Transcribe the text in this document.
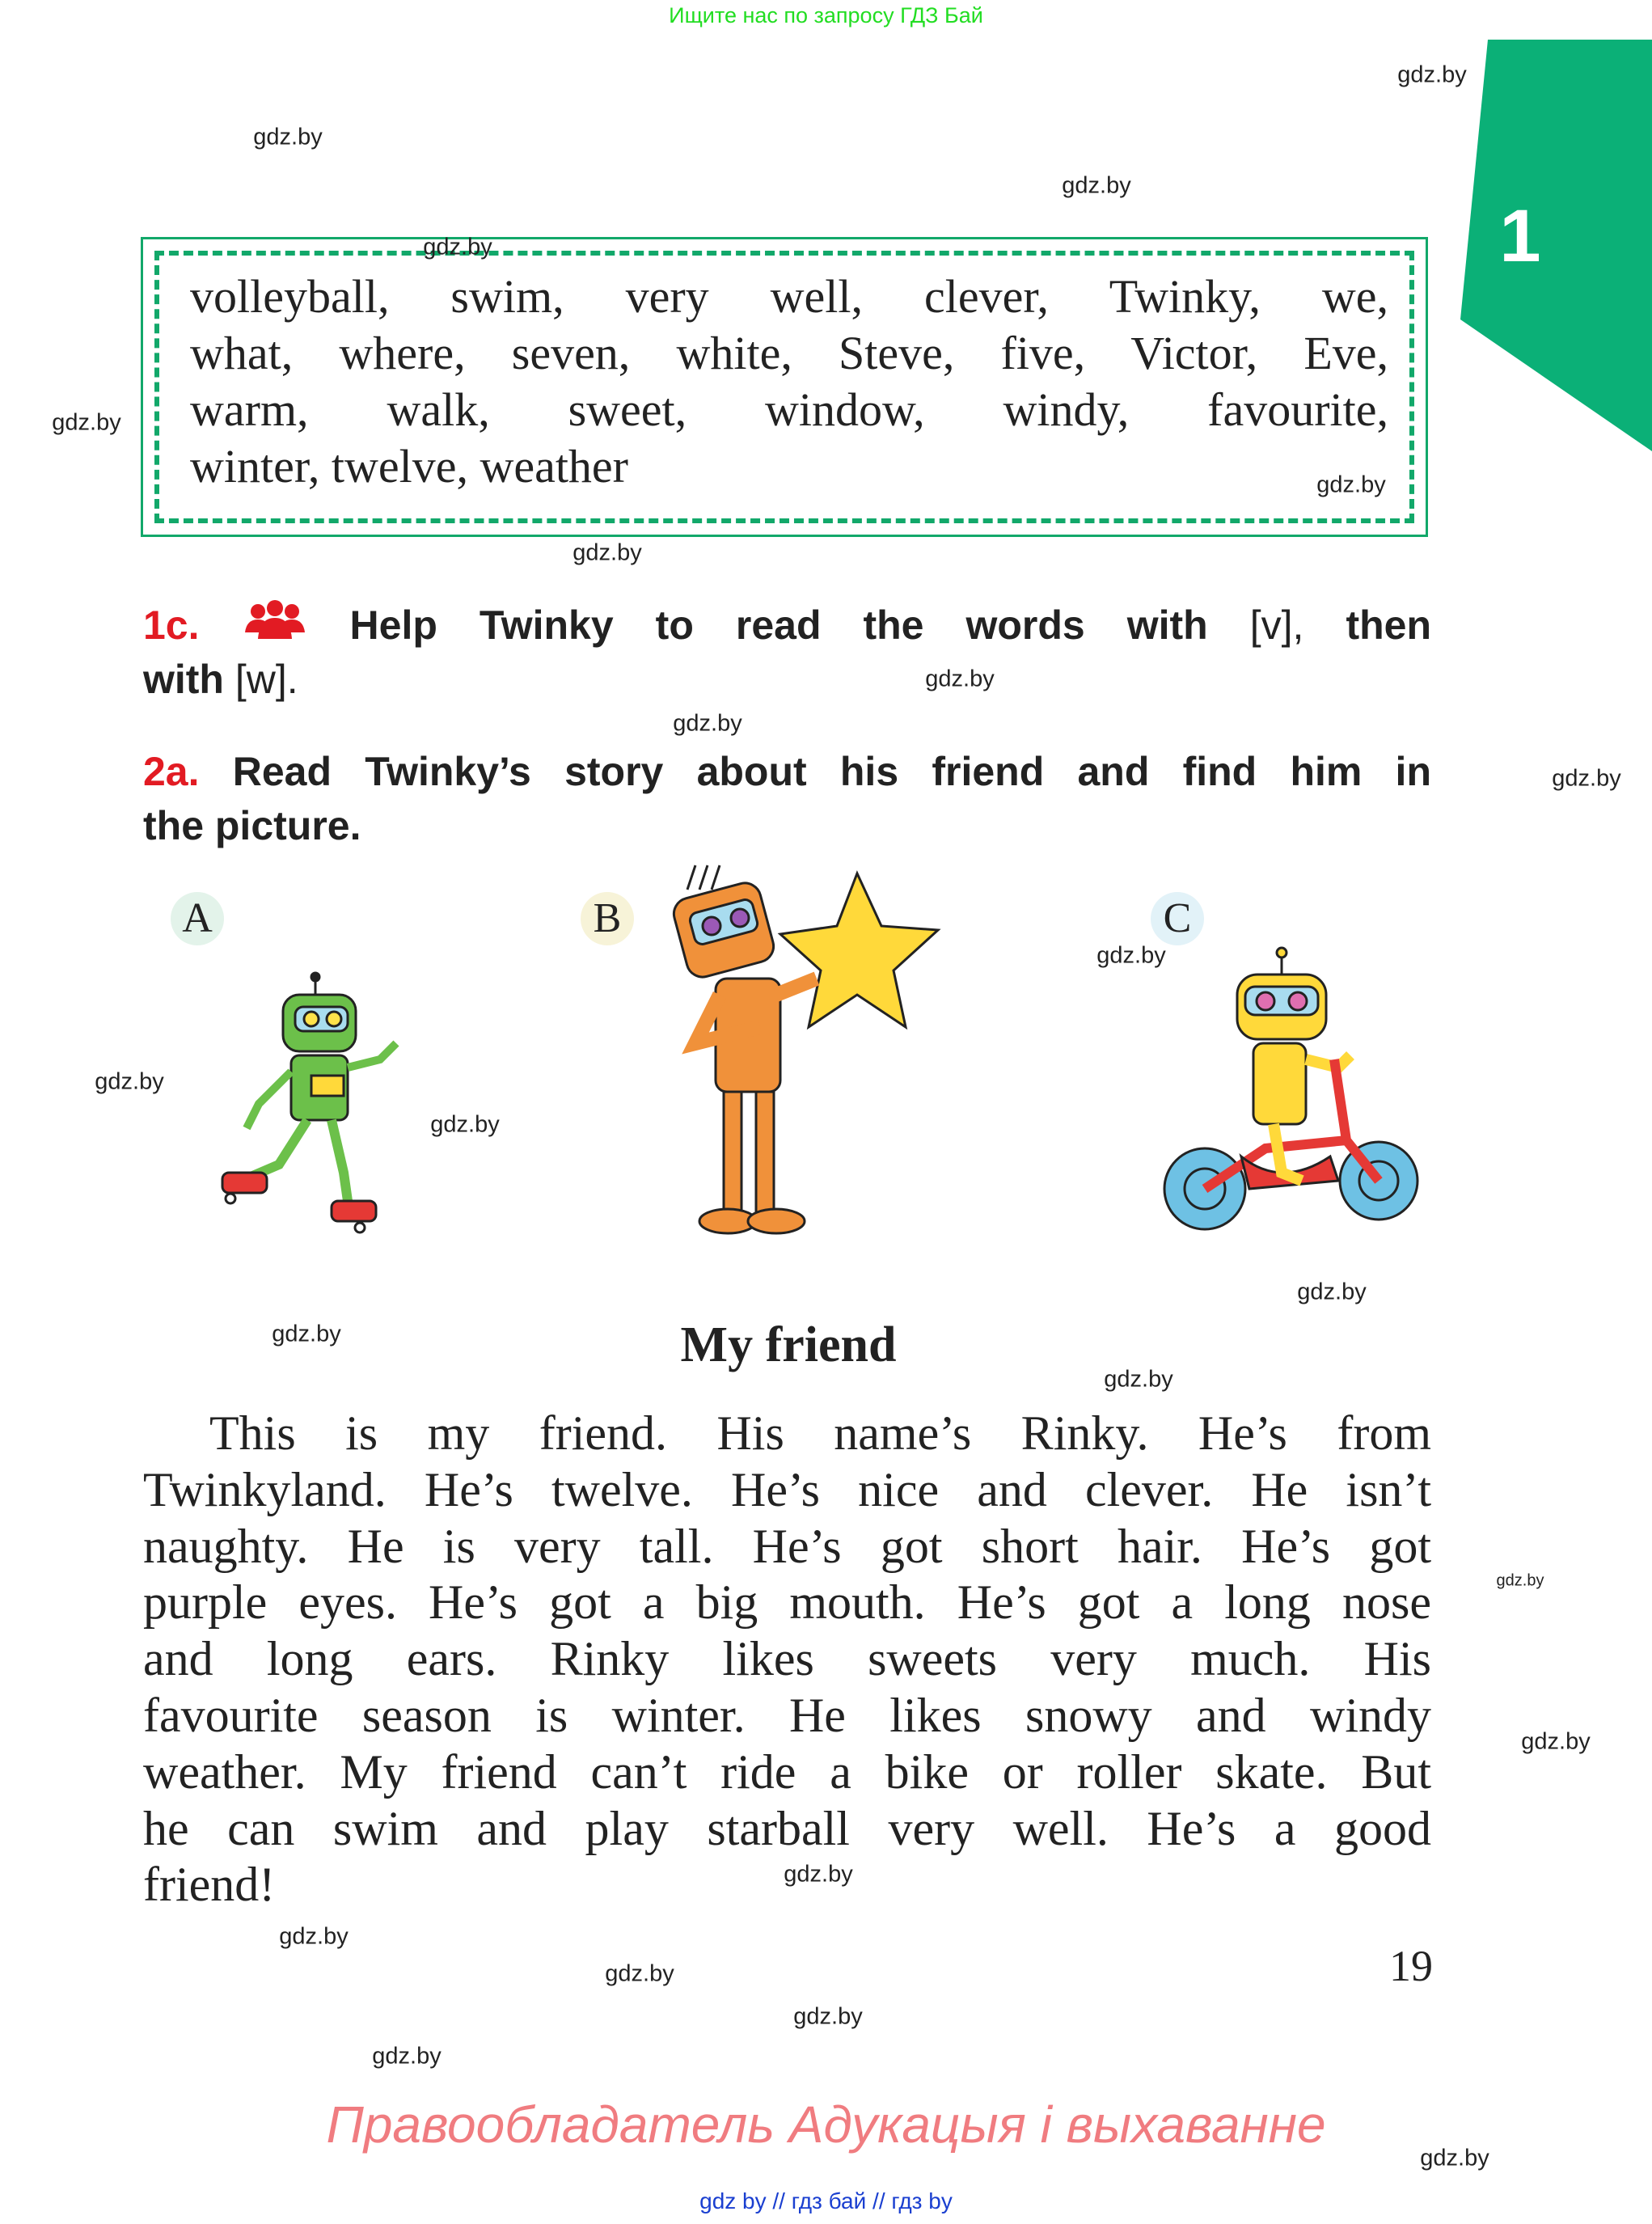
Ищите нас по запросу ГДЗ Бай
1
volleyball, swim, very well, clever, Twinky, we,
what, where, seven, white, Steve, five, Victor, Eve,
warm, walk, sweet, window, windy, favourite,
winter, twelve, weather
1c.	Help Twinky to read the words with [v], then
with [w].
2a. Read Twinky’s story about his friend and find him in
the picture.
A	B	C
My friend
This is my friend. His name’s Rinky. He’s from
Twinkyland. He’s twelve. He’s nice and clever. He isn’t
naughty. He is very tall. He’s got short hair. He’s got
purple eyes. He’s got a big mouth. He’s got a long nose
and long ears. Rinky likes sweets very much. His
favourite season is winter. He likes snowy and windy
weather. My friend can’t ride a bike or roller skate. But
he can swim and play starball very well. He’s a good
friend!
19
Правообладатель Адукацыя і выхаванне
gdz by // гдз бай // гдз by
gdz.by
gdz.by
gdz.by
gdz.by
gdz.by
gdz.by
gdz.by
gdz.by
gdz.by
gdz.by
gdz.by
gdz.by
gdz.by
gdz.by
gdz.by
gdz.by
gdz.by
gdz.by
gdz.by
gdz.by
gdz.by
gdz.by
gdz.by
gdz.by
